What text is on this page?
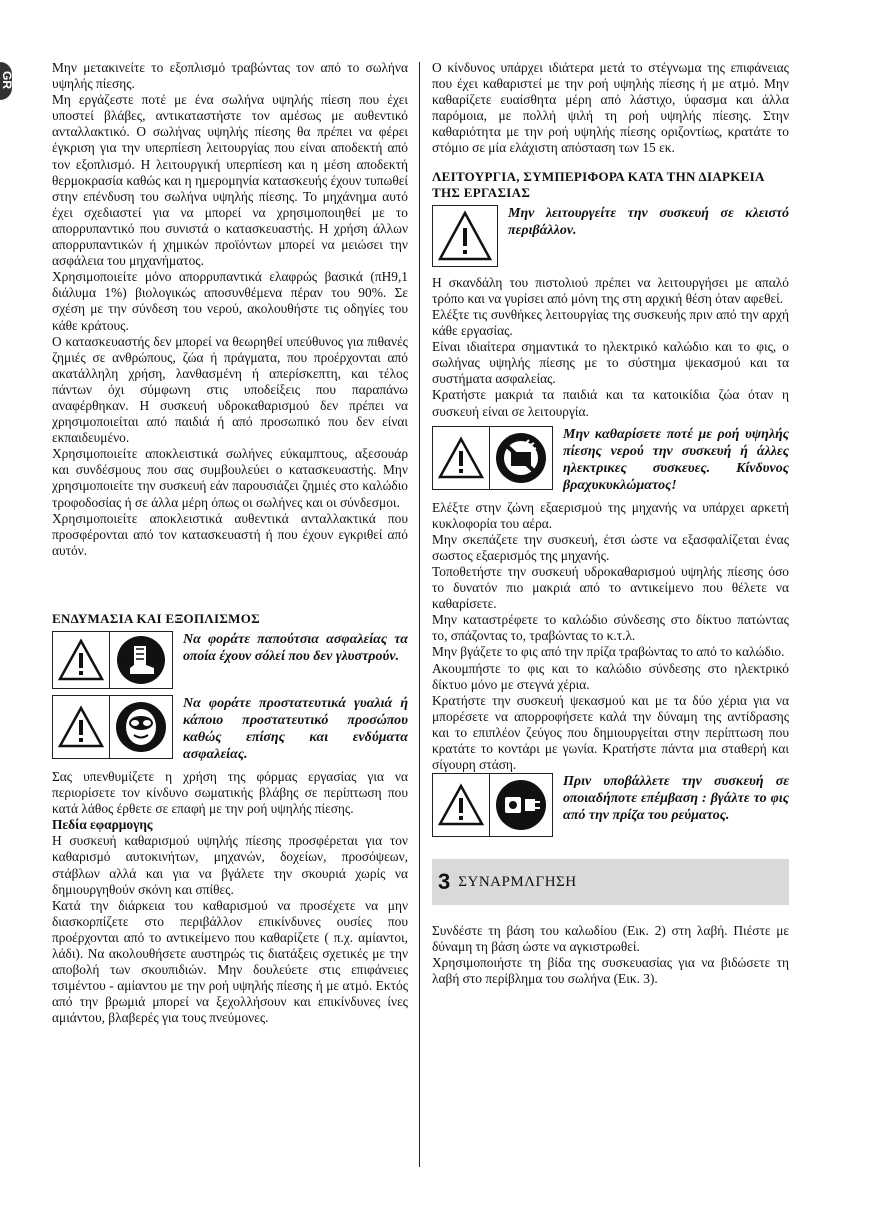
GR

Μην μετακινείτε το εξοπλισμό τραβώντας τον από το σωλήνα υψηλής πίεσης.

Μη εργάζεστε ποτέ με ένα σωλήνα υψηλής πίεση που έχει υποστεί βλάβες, αντικαταστήστε τον αμέσως με αυθεντικό ανταλλακτικό. Ο σωλήνας υψηλής πίεσης θα πρέπει να φέρει έγκριση για την υπερπίεση λειτουργίας που είναι αποδεκτή από τον εξοπλισμό. Η λειτουργική υπερπίεση και η μέση αποδεκτή θερμοκρασία καθώς και η ημερομηνία κατασκευής έχουν τυπωθεί στην επένδυση του σωλήνα υψηλής πίεσης. Το μηχάνημα αυτό έχει σχεδιαστεί για να μπορεί να χρησιμοποιηθεί με το απορρυπαντικό που συνιστά ο κατασκευαστής. Η χρήση άλλων απορρυπαντικών ή χημικών προϊόντων μπορεί να μειώσει την ασφάλεια του μηχανήματος.

Χρησιμοποιείτε μόνο απορρυπαντικά ελαφρώς βασικά (πΗ9,1 διάλυμα 1%) βιολογικώς αποσυνθέμενα πέραν του 90%. Σε σχέση με την σύνδεση του νερού, ακολουθήστε τις οδηγίες του κάθε κράτους.

Ο κατασκευαστής δεν μπορεί να θεωρηθεί υπεύθυνος για πιθανές ζημιές σε ανθρώπους, ζώα ή πράγματα, που προέρχονται από ακατάλληλη χρήση, λανθασμένη ή απερίσκεπτη, και τέλος πάντων όχι σύμφωνη στις υποδείξεις που παραπάνω αναφέρθηκαν. Η συσκευή υδροκαθαρισμού δεν πρέπει να χρησιμοποιείται από παιδιά ή από προσωπικό που δεν είναι εκπαιδευμένο.

Χρησιμοποιείτε αποκλειστικά σωλήνες εύκαμπτους, αξεσουάρ και συνδέσμους που σας συμβουλεύει ο κατασκευαστής. Μην χρησιμοποιείτε την συσκευή εάν παρουσιάζει ζημιές στο καλώδιο τροφοδοσίας ή σε άλλα μέρη όπως οι σωλήνες και οι σύνδεσμοι.

Χρησιμοποιείτε αποκλειστικά αυθεντικά ανταλλακτικά που προσφέρονται από τον κατασκευαστή ή που έχουν εγκριθεί από αυτόν.

ΕΝΔΥΜΑΣΙΑ ΚΑΙ ΕΞΟΠΛΙΣΜΟΣ

Να φοράτε παπούτσια ασφαλείας τα οποία έχουν σόλεί που δεν γλυστρούν.

Να φοράτε προστατευτικά γυαλιά ή κάποιο προστατευτικό προσώπου καθώς επίσης και ενδύματα ασφαλείας.

Σας υπενθυμίζετε η χρήση της φόρμας εργασίας για να περιορίσετε τον κίνδυνο σωματικής βλάβης σε περίπτωση που κατά λάθος έρθετε σε επαφή με την ροή υψηλής πίεσης.

Πεδία εφαρμογης

Η συσκευή καθαρισμού υψηλής πίεσης προσφέρεται για τον καθαρισμό αυτοκινήτων, μηχανών, δοχείων, προσόψεων, στάβλων αλλά και για να βγάλετε την σκουριά χωρίς να δημιουργηθούν σκόνη και σπίθες.

Κατά την διάρκεια του καθαρισμού να προσέχετε να μην διασκορπίζετε στο περιβάλλον επικίνδυνες ουσίες που προέρχονται από το αντικείμενο που καθαρίζετε ( π.χ. αμίαντοι, λάδι). Να ακολουθήσετε αυστηρώς τις διατάξεις σχετικές με την αποβολή των σκουπιδιών. Μην δουλεύετε στις επιφάνειες τσιμέντου - αμίαντου με την ροή υψηλής πίεσης ή με ατμό. Εκτός από την βρωμιά μπορεί να ξεχολλήσουν και επικίνδυνες ίνες αμιάντου, βλαβερές για τους πνεύμονες.

Ο κίνδυνος υπάρχει ιδιάτερα μετά το στέγνωμα της επιφάνειας που έχει καθαριστεί με την ροή υψηλής πίεσης ή με ατμό. Μην καθαρίζετε ευαίσθητα μέρη από λάστιχο, ύφασμα και άλλα παρόμοια, με πολλή ψιλή τη ροή υψηλής πίεσης. Στην καθαριότητα με την ροή υψηλής πίεσης οριζοντίως, κρατάτε το στόμιο σε μία ελάχιστη απόσταση των 15 εκ.

ΛΕΙΤΟΥΡΓΙΑ, ΣΥΜΠΕΡΙΦΟΡΑ ΚΑΤΑ ΤΗΝ ΔΙΑΡΚΕΙΑ ΤΗΣ ΕΡΓΑΣΙΑΣ

Μην λειτουργείτε την συσκευή σε κλειστό περιβάλλον.

Η σκανδάλη του πιστολιού πρέπει να λειτουργήσει με απαλό τρόπο και να γυρίσει από μόνη της στη αρχική θέση όταν αφεθεί.

Ελέξτε τις συνθήκες λειτουργίας της συσκευής πριν από την αρχή κάθε εργασίας.

Είναι ιδιαίτερα σημαντικά το ηλεκτρικό καλώδιο και το φις, ο σωλήνας υψηλής πίεσης με το σύστημα ψεκασμού και τα συστήματα ασφαλείας.

Κρατήστε μακριά τα παιδιά και τα κατοικίδια ζώα όταν η συσκευή είναι σε λειτουργία.

Μην καθαρίσετε ποτέ με ροή υψηλής πίεσης νερού την συσκευή ή άλλες ηλεκτρικες συσκευες. Κίνδυνος βραχυκυκλώματος!

Ελέξτε στην ζώνη εξαερισμού της μηχανής να υπάρχει αρκετή κυκλοφορία του αέρα.

Μην σκεπάζετε την συσκευή, έτσι ώστε να εξασφαλίζεται ένας σωστος εξαερισμός της μηχανής.

Τοποθετήστε την συσκευή υδροκαθαρισμού υψηλής πίεσης όσο το δυνατόν πιο μακριά από το αντικείμενο που θέλετε να καθαρίσετε.

Μην καταστρέφετε το καλώδιο σύνδεσης στο δίκτυο πατώντας το, σπάζοντας το, τραβώντας το κ.τ.λ.

Μην βγάζετε το φις από την πρίζα τραβώντας το από το καλώδιο.

Ακουμπήστε το φις και το καλώδιο σύνδεσης στο ηλεκτρικό δίκτυο μόνο με στεγνά χέρια.

Κρατήστε την συσκευή ψεκασμού και με τα δύο χέρια για να μπορέσετε να απορροφήσετε καλά την δύναμη της αντίδρασης και το επιπλέον ζεύγος που δημιουργείται στην περίπτωση που κρατάτε το κοντάρι με γωνία. Κρατήστε πάντα μια σταθερή και σίγουρη στάση.

Πριν υποβάλλετε την συσκευή σε οποιαδήποτε επέμβαση : βγάλτε το φις από την πρίζα του ρεύματος.

3 ΣΥΝΑΡΜΛΓΗΣΗ

Συνδέστε τη βάση του καλωδίου (Εικ. 2) στη λαβή. Πιέστε με δύναμη τη βάση ώστε να αγκιστρωθεί.

Χρησιμοποιήστε τη βίδα της συσκευασίας για να βιδώσετε τη λαβή στο περίβλημα του σωλήνα (Εικ. 3).
